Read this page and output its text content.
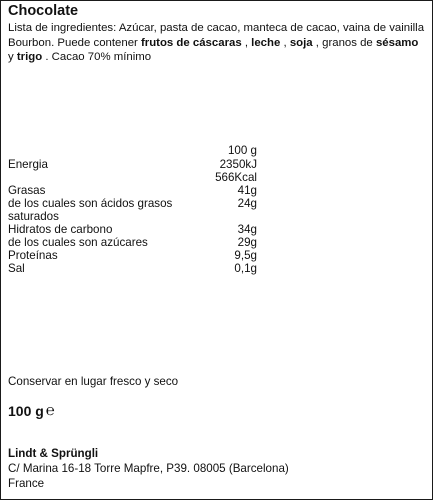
Chocolate
Lista de ingredientes: Azúcar, pasta de cacao, manteca de cacao, vaina de vainilla Bourbon. Puede contener frutos de cáscaras , leche , soja , granos de sésamo y trigo . Cacao 70% mínimo
100 g
Energia	2350kJ
566Kcal
Grasas	41g
de los cuales son ácidos grasos	24g
saturados
Hidratos de carbono	34g
de los cuales son azúcares	29g
Proteínas	9,5g
Sal	0,1g
Conservar en lugar fresco y seco
100 g ℮
Lindt & Sprüngli
C/ Marina 16-18 Torre Mapfre, P39. 08005 (Barcelona)
France
